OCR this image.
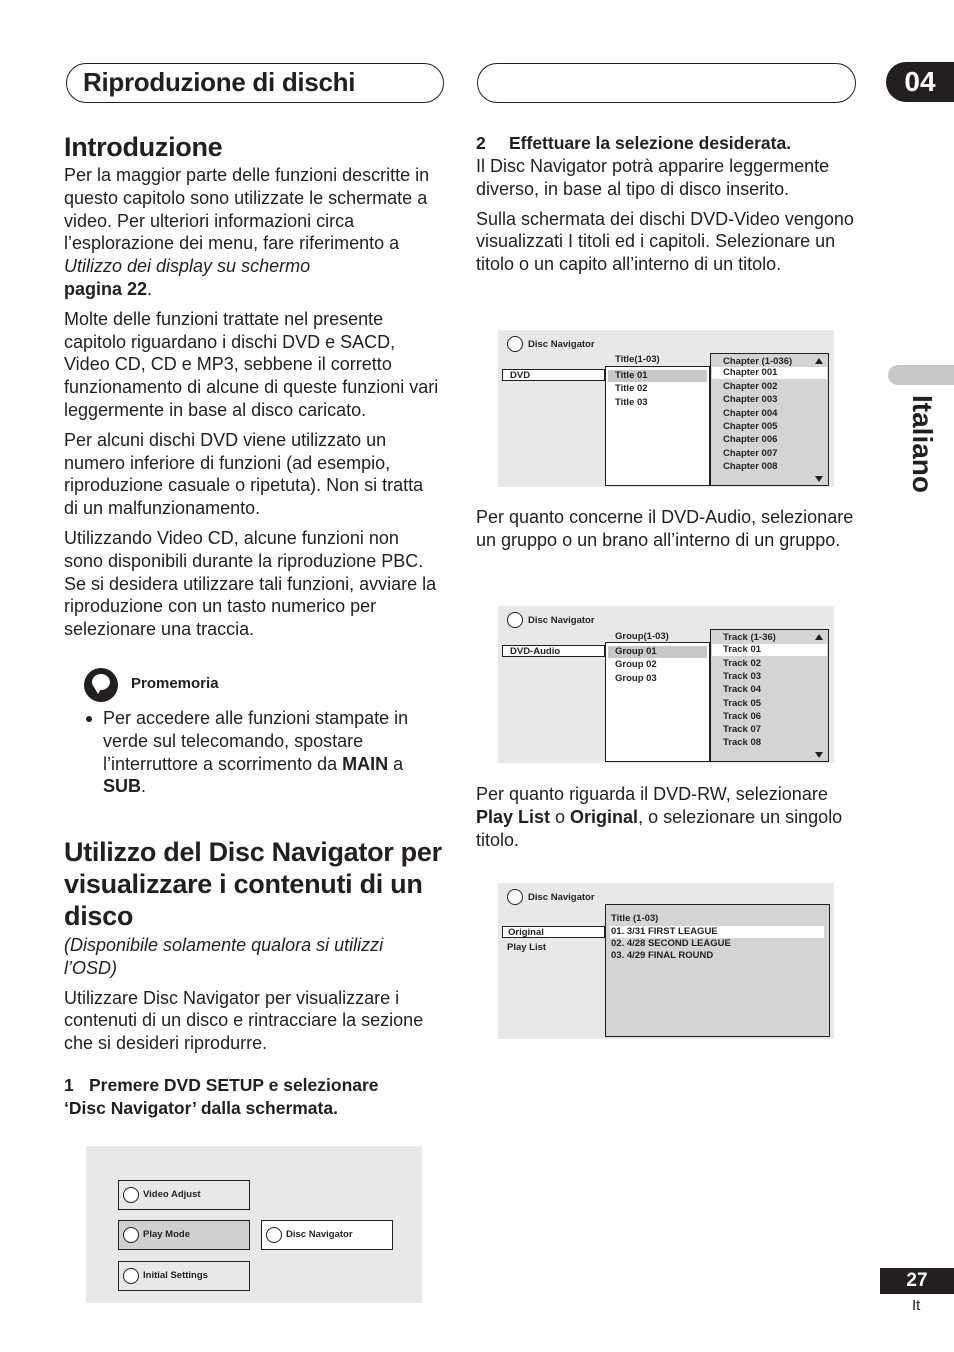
Riproduzione di dischi	04
Italiano
Introduzione

Per la maggior parte delle funzioni descritte in questo capitolo sono utilizzate le schermate a video. Per ulteriori informazioni circa l’esplorazione dei menu, fare riferimento a Utilizzo dei display su schermo
pagina 22.

Molte delle funzioni trattate nel presente capitolo riguardano i dischi DVD e SACD, Video CD, CD e MP3, sebbene il corretto funzionamento di alcune di queste funzioni vari leggermente in base al disco caricato.

Per alcuni dischi DVD viene utilizzato un numero inferiore di funzioni (ad esempio, riproduzione casuale o ripetuta). Non si tratta di un malfunzionamento.

Utilizzando Video CD, alcune funzioni non sono disponibili durante la riproduzione PBC. Se si desidera utilizzare tali funzioni, avviare la riproduzione con un tasto numerico per selezionare una traccia.

Promemoria
Per accedere alle funzioni stampate in verde sul telecomando, spostare l’interruttore a scorrimento da MAIN a
SUB.
Utilizzo del Disc Navigator per visualizzare i contenuti di un disco

(Disponibile solamente qualora si utilizzi l’OSD)

Utilizzare Disc Navigator per visualizzare i contenuti di un disco e rintracciare la sezione che si desideri riprodurre.

1 Premere DVD SETUP e selezionare ‘Disc Navigator’ dalla schermata.
Video Adjust
Play Mode
Initial Settings
Disc Navigator
2 Effettuare la selezione desiderata.

Il Disc Navigator potrà apparire leggermente diverso, in base al tipo di disco inserito.

Sulla schermata dei dischi DVD-Video vengono visualizzati I titoli ed i capitoli. Selezionare un titolo o un capito all’interno di un titolo.

Disc Navigator
DVD
Title(1-03)
Title 01
Title 02
Title 03
Chapter (1-036)
Chapter 001
Chapter 002
Chapter 003
Chapter 004
Chapter 005
Chapter 006
Chapter 007
Chapter 008
Per quanto concerne il DVD-Audio, selezionare un gruppo o un brano all’interno di un gruppo.
Disc Navigator
DVD-Audio
Group(1-03)
Group 01
Group 02
Group 03
Track (1-36)
Track 01
Track 02
Track 03
Track 04
Track 05
Track 06
Track 07
Track 08
Per quanto riguarda il DVD-RW, selezionare
Play List o Original, o selezionare un singolo titolo.
Disc Navigator
Original
Play List
Title (1-03)
01. 3/31 FIRST LEAGUE
02. 4/28 SECOND LEAGUE
03. 4/29 FINAL ROUND
27
It
